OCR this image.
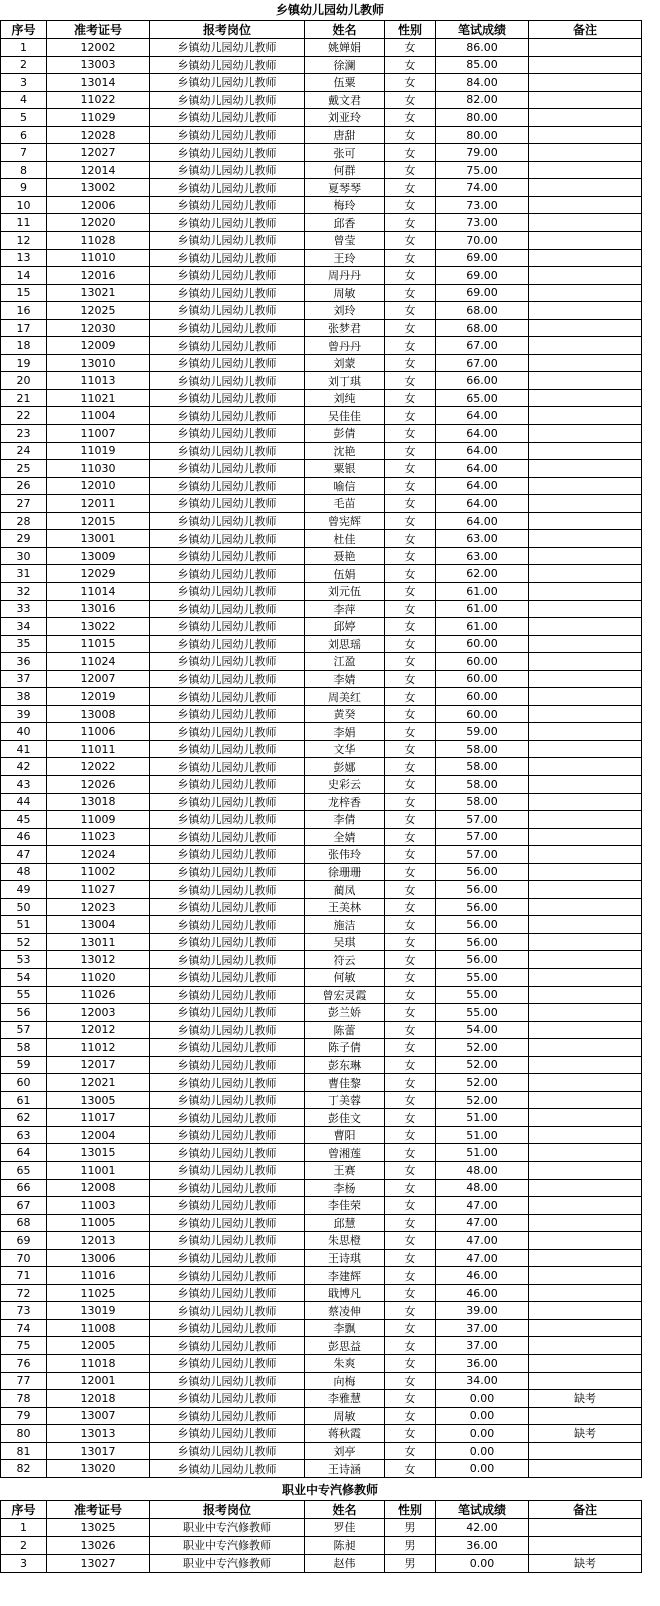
乡镇幼儿园幼儿教师
序号	准考证号	报考岗位	姓名	性别	笔试成绩	备注
1	12002	乡镇幼儿园幼儿教师	姚婵娟	女	86.00	
2	13003	乡镇幼儿园幼儿教师	徐澜	女	85.00	
3	13014	乡镇幼儿园幼儿教师	伍粟	女	84.00	
4	11022	乡镇幼儿园幼儿教师	戴文君	女	82.00	
5	11029	乡镇幼儿园幼儿教师	刘亚玲	女	80.00	
6	12028	乡镇幼儿园幼儿教师	唐甜	女	80.00	
7	12027	乡镇幼儿园幼儿教师	张可	女	79.00	
8	12014	乡镇幼儿园幼儿教师	何群	女	75.00	
9	13002	乡镇幼儿园幼儿教师	夏琴琴	女	74.00	
10	12006	乡镇幼儿园幼儿教师	梅玲	女	73.00	
11	12020	乡镇幼儿园幼儿教师	邱香	女	73.00	
12	11028	乡镇幼儿园幼儿教师	曾莹	女	70.00	
13	11010	乡镇幼儿园幼儿教师	王玲	女	69.00	
14	12016	乡镇幼儿园幼儿教师	周丹丹	女	69.00	
15	13021	乡镇幼儿园幼儿教师	周敏	女	69.00	
16	12025	乡镇幼儿园幼儿教师	刘玲	女	68.00	
17	12030	乡镇幼儿园幼儿教师	张梦君	女	68.00	
18	12009	乡镇幼儿园幼儿教师	曾丹丹	女	67.00	
19	13010	乡镇幼儿园幼儿教师	刘蒙	女	67.00	
20	11013	乡镇幼儿园幼儿教师	刘丁琪	女	66.00	
21	11021	乡镇幼儿园幼儿教师	刘纯	女	65.00	
22	11004	乡镇幼儿园幼儿教师	吴佳佳	女	64.00	
23	11007	乡镇幼儿园幼儿教师	彭倩	女	64.00	
24	11019	乡镇幼儿园幼儿教师	沈艳	女	64.00	
25	11030	乡镇幼儿园幼儿教师	粟银	女	64.00	
26	12010	乡镇幼儿园幼儿教师	喻信	女	64.00	
27	12011	乡镇幼儿园幼儿教师	毛苗	女	64.00	
28	12015	乡镇幼儿园幼儿教师	曾宪辉	女	64.00	
29	13001	乡镇幼儿园幼儿教师	杜佳	女	63.00	
30	13009	乡镇幼儿园幼儿教师	聂艳	女	63.00	
31	12029	乡镇幼儿园幼儿教师	伍娟	女	62.00	
32	11014	乡镇幼儿园幼儿教师	刘元伍	女	61.00	
33	13016	乡镇幼儿园幼儿教师	李萍	女	61.00	
34	13022	乡镇幼儿园幼儿教师	邱婷	女	61.00	
35	11015	乡镇幼儿园幼儿教师	刘思瑶	女	60.00	
36	11024	乡镇幼儿园幼儿教师	江盈	女	60.00	
37	12007	乡镇幼儿园幼儿教师	李婧	女	60.00	
38	12019	乡镇幼儿园幼儿教师	周美红	女	60.00	
39	13008	乡镇幼儿园幼儿教师	黄癸	女	60.00	
40	11006	乡镇幼儿园幼儿教师	李娟	女	59.00	
41	11011	乡镇幼儿园幼儿教师	文华	女	58.00	
42	12022	乡镇幼儿园幼儿教师	彭娜	女	58.00	
43	12026	乡镇幼儿园幼儿教师	史彩云	女	58.00	
44	13018	乡镇幼儿园幼儿教师	龙梓香	女	58.00	
45	11009	乡镇幼儿园幼儿教师	李倩	女	57.00	
46	11023	乡镇幼儿园幼儿教师	全婧	女	57.00	
47	12024	乡镇幼儿园幼儿教师	张伟玲	女	57.00	
48	11002	乡镇幼儿园幼儿教师	徐珊珊	女	56.00	
49	11027	乡镇幼儿园幼儿教师	蔺凤	女	56.00	
50	12023	乡镇幼儿园幼儿教师	王美林	女	56.00	
51	13004	乡镇幼儿园幼儿教师	施洁	女	56.00	
52	13011	乡镇幼儿园幼儿教师	吴琪	女	56.00	
53	13012	乡镇幼儿园幼儿教师	符云	女	56.00	
54	11020	乡镇幼儿园幼儿教师	何敏	女	55.00	
55	11026	乡镇幼儿园幼儿教师	曾宏灵霞	女	55.00	
56	12003	乡镇幼儿园幼儿教师	彭兰娇	女	55.00	
57	12012	乡镇幼儿园幼儿教师	陈蕾	女	54.00	
58	11012	乡镇幼儿园幼儿教师	陈子倩	女	52.00	
59	12017	乡镇幼儿园幼儿教师	彭东琳	女	52.00	
60	12021	乡镇幼儿园幼儿教师	曹佳黎	女	52.00	
61	13005	乡镇幼儿园幼儿教师	丁美蓉	女	52.00	
62	11017	乡镇幼儿园幼儿教师	彭佳文	女	51.00	
63	12004	乡镇幼儿园幼儿教师	曹阳	女	51.00	
64	13015	乡镇幼儿园幼儿教师	曾湘莲	女	51.00	
65	11001	乡镇幼儿园幼儿教师	王赛	女	48.00	
66	12008	乡镇幼儿园幼儿教师	李杨	女	48.00	
67	11003	乡镇幼儿园幼儿教师	李佳荣	女	47.00	
68	11005	乡镇幼儿园幼儿教师	邱慧	女	47.00	
69	12013	乡镇幼儿园幼儿教师	朱思橙	女	47.00	
70	13006	乡镇幼儿园幼儿教师	王诗琪	女	47.00	
71	11016	乡镇幼儿园幼儿教师	李建辉	女	46.00	
72	11025	乡镇幼儿园幼儿教师	戢博凡	女	46.00	
73	13019	乡镇幼儿园幼儿教师	蔡凌伸	女	39.00	
74	11008	乡镇幼儿园幼儿教师	李飘	女	37.00	
75	12005	乡镇幼儿园幼儿教师	彭思益	女	37.00	
76	11018	乡镇幼儿园幼儿教师	朱爽	女	36.00	
77	12001	乡镇幼儿园幼儿教师	向梅	女	34.00	
78	12018	乡镇幼儿园幼儿教师	李雅慧	女	0.00	缺考
79	13007	乡镇幼儿园幼儿教师	周敏	女	0.00	
80	13013	乡镇幼儿园幼儿教师	蒋秋霞	女	0.00	缺考
81	13017	乡镇幼儿园幼儿教师	刘亭	女	0.00	
82	13020	乡镇幼儿园幼儿教师	王诗涵	女	0.00	
职业中专汽修教师
序号	准考证号	报考岗位	姓名	性别	笔试成绩	备注
1	13025	职业中专汽修教师	罗佳	男	42.00	
2	13026	职业中专汽修教师	陈昶	男	36.00	
3	13027	职业中专汽修教师	赵伟	男	0.00	缺考
